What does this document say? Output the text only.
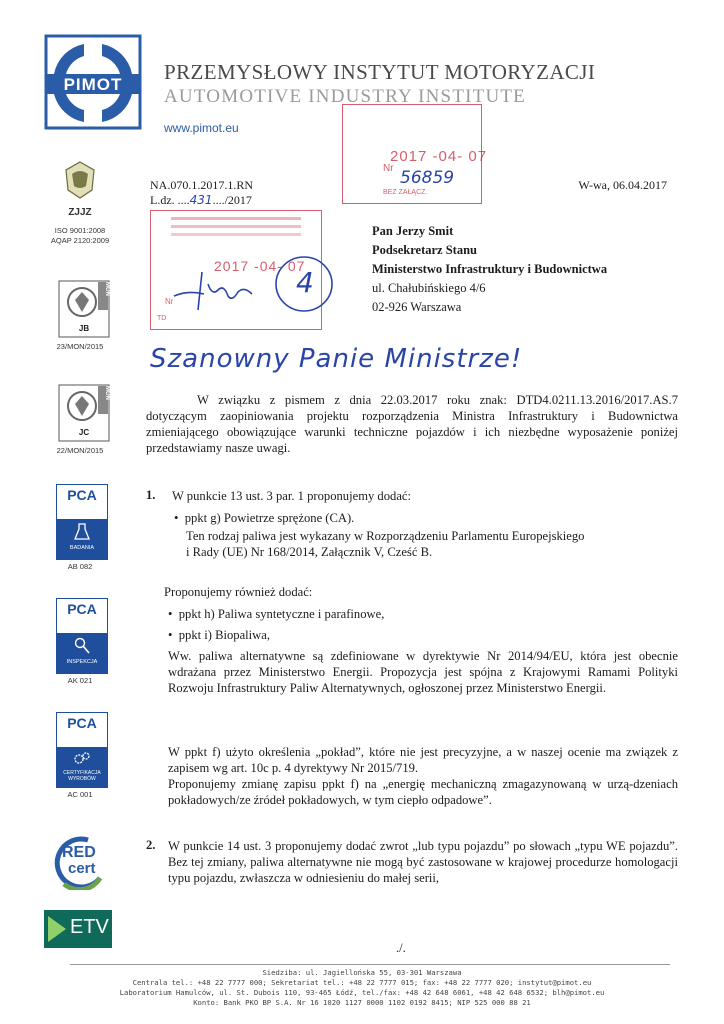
PIMOT
PRZEMYSŁOWY INSTYTUT MOTORYZACJI
AUTOMOTIVE INDUSTRY INSTITUTE
www.pimot.eu
Nr
BEZ ZAŁĄCZ.
2017 -04- 07
56859
ZJJZ
ISO 9001:2008
AQAP 2120:2009
JB
MON
23/MON/2015
JC
MON
22/MON/2015
PCA
BADANIA
AB 082
PCA
INSPEKCJA
AK 021
PCA
CERTYFIKACJA WYROBÓW
AC 001
RED
cert
ETV
NA.070.1.2017.1.RN
L.dz. ....431..../2017
W-wa, 06.04.2017
Nr
TD
2017 -04- 07
4
Pan Jerzy Smit
Podsekretarz Stanu
Ministerstwo Infrastruktury i Budownictwa
ul. Chałubińskiego 4/6
02-926 Warszawa
Szanowny Panie Ministrze!
W związku z pismem z dnia 22.03.2017 roku znak: DTD4.0211.13.2016/2017.AS.7 dotyczącym zaopiniowania projektu rozporządzenia Ministra Infrastruktury i Budownictwa zmieniającego obowiązujące warunki techniczne pojazdów i ich niezbędne wyposażenie poniżej przedstawiamy nasze uwagi.
1. W punkcie 13 ust. 3 par. 1 proponujemy dodać:
• ppkt g) Powietrze sprężone (CA).
Ten rodzaj paliwa jest wykazany w Rozporządzeniu Parlamentu Europejskiego
i Rady (UE) Nr 168/2014, Załącznik V, Cześć B.
Proponujemy również dodać:
• ppkt h) Paliwa syntetyczne i parafinowe,
• ppkt i) Biopaliwa,
Ww. paliwa alternatywne są zdefiniowane w dyrektywie Nr 2014/94/EU, która jest obecnie wdrażana przez Ministerstwo Energii. Propozycja jest spójna z Krajowymi Ramami Polityki Rozwoju Infrastruktury Paliw Alternatywnych, ogłoszonej przez Ministerstwo Energii.
W ppkt f) użyto określenia „pokład”, które nie jest precyzyjne, a w naszej ocenie ma związek z zapisem wg art. 10c p. 4 dyrektywy Nr 2015/719.
Proponujemy zmianę zapisu ppkt f) na „energię mechaniczną zmagazynowaną w urzą-dzeniach pokładowych/ze źródeł pokładowych, w tym ciepło odpadowe”.
2. W punkcie 14 ust. 3 proponujemy dodać zwrot „lub typu pojazdu” po słowach „typu WE pojazdu”. Bez tej zmiany, paliwa alternatywne nie mogą być zastosowane w krajowej procedurze homologacji typu pojazdu, zwłaszcza w odniesieniu do małej serii,
./.
Siedziba: ul. Jagiellońska 55, 03-301 Warszawa
Centrala tel.: +48 22 7777 000; Sekretariat tel.: +48 22 7777 015; fax: +48 22 7777 020; instytut@pimot.eu
Laboratorium Hamulców, ul. St. Dubois 110, 93-465 Łódź, tel./fax: +48 42 648 6061, +48 42 648 6532; blh@pimot.eu
Konto: Bank PKO BP S.A. Nr 16 1020 1127 0000 1102 0192 8415; NIP 525 000 88 21
